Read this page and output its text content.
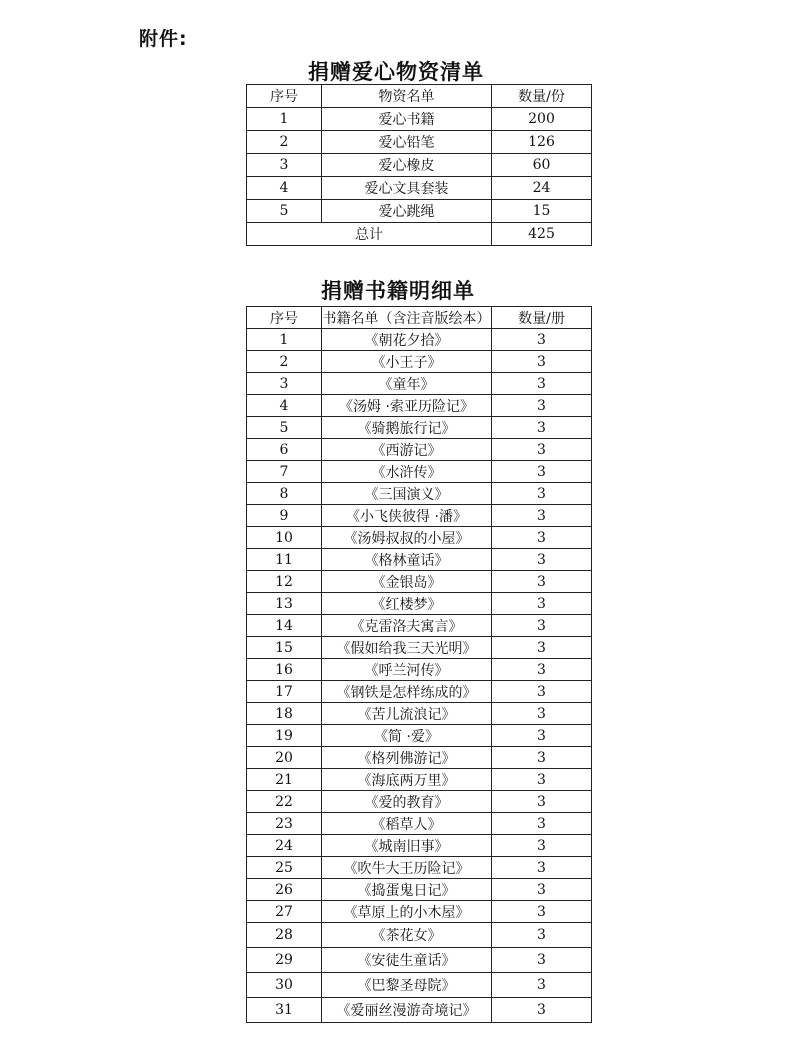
附件:
捐赠爱心物资清单
序号	物资名单	数量/份
1	爱心书籍	200
2	爱心铅笔	126
3	爱心橡皮	60
4	爱心文具套装	24
5	爱心跳绳	15
总计		425
捐赠书籍明细单
序号	书籍名单（含注音版绘本）	数量/册
1	《朝花夕拾》	3
2	《小王子》	3
3	《童年》	3
4	《汤姆 ·索亚历险记》	3
5	《骑鹅旅行记》	3
6	《西游记》	3
7	《水浒传》	3
8	《三国演义》	3
9	《小飞侠彼得 ·潘》	3
10	《汤姆叔叔的小屋》	3
11	《格林童话》	3
12	《金银岛》	3
13	《红楼梦》	3
14	《克雷洛夫寓言》	3
15	《假如给我三天光明》	3
16	《呼兰河传》	3
17	《钢铁是怎样练成的》	3
18	《苦儿流浪记》	3
19	《简 ·爱》	3
20	《格列佛游记》	3
21	《海底两万里》	3
22	《爱的教育》	3
23	《稻草人》	3
24	《城南旧事》	3
25	《吹牛大王历险记》	3
26	《捣蛋鬼日记》	3
27	《草原上的小木屋》	3
28	《茶花女》	3
29	《安徒生童话》	3
30	《巴黎圣母院》	3
31	《爱丽丝漫游奇境记》	3
